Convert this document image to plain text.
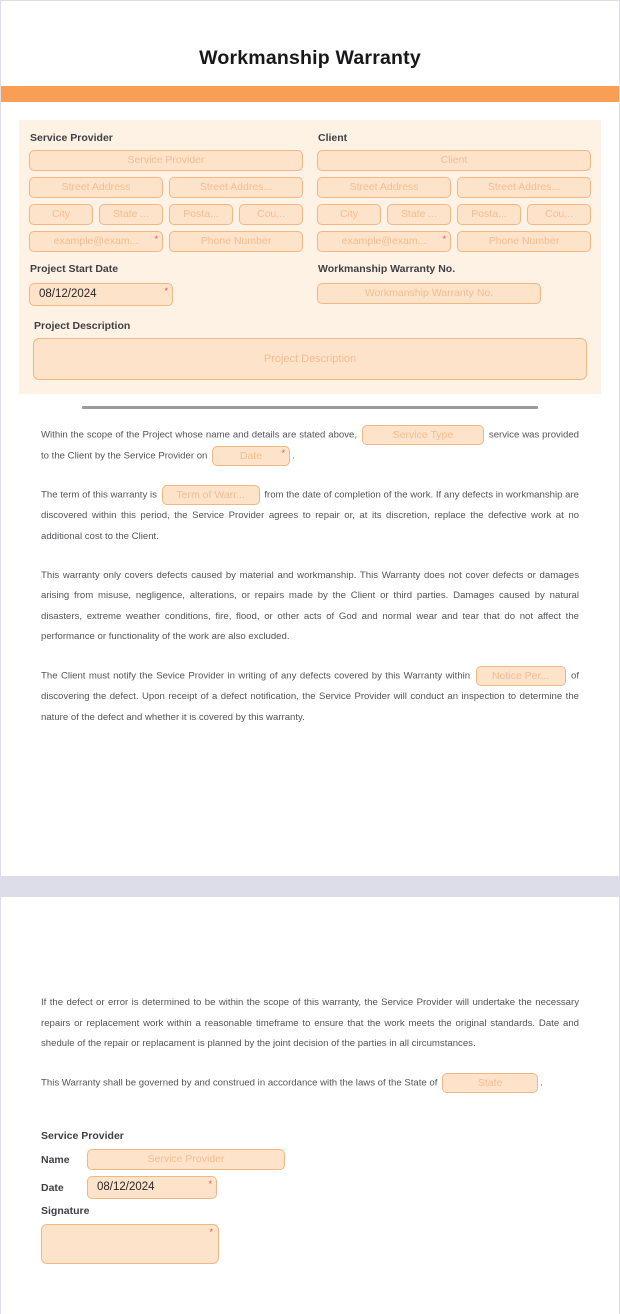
Workmanship Warranty
Service Provider
Service Provider
Street Address	Street Addres...
City	State ...	Posta...	Cou...
example@exam... *	Phone Number
Project Start Date
08/12/2024	*
Client
Client
Street Address	Street Addres...
City	State ...	Posta...	Cou...
example@exam... *	Phone Number
Workmanship Warranty No.
Workmanship Warranty No.
Project Description
Project Description

Within the scope of the Project whose name and details are stated above,	Service Type	service was provided to the Client by the Service Provider on	Date * .

The term of this warranty is Term of Warr... from the date of completion of the work. If any defects in workmanship are discovered within this period, the Service Provider agrees to repair or, at its discretion, replace the defective work at no additional cost to the Client.

This warranty only covers defects caused by material and workmanship. This Warranty does not cover defects or damages arising from misuse, negligence, alterations, or repairs made by the Client or third parties. Damages caused by natural disasters, extreme weather conditions, fire, flood, or other acts of God and normal wear and tear that do not affect the performance or functionality of the work are also excluded.

The Client must notify the Sevice Provider in writing of any defects covered by this Warranty within Notice Per... of discovering the defect. Upon receipt of a defect notification, the Service Provider will conduct an inspection to determine the nature of the defect and whether it is covered by this warranty.

If the defect or error is determined to be within the scope of this warranty, the Service Provider will undertake the necessary repairs or replacement work within a reasonable timeframe to ensure that the work meets the original standards. Date and shedule of the repair or replacament is planned by the joint decision of the parties in all circumstances.

This Warranty shall be governed by and construed in accordance with the laws of the State of	State	.

Service Provider
Name	Service Provider
Date	08/12/2024	*
Signature
*
